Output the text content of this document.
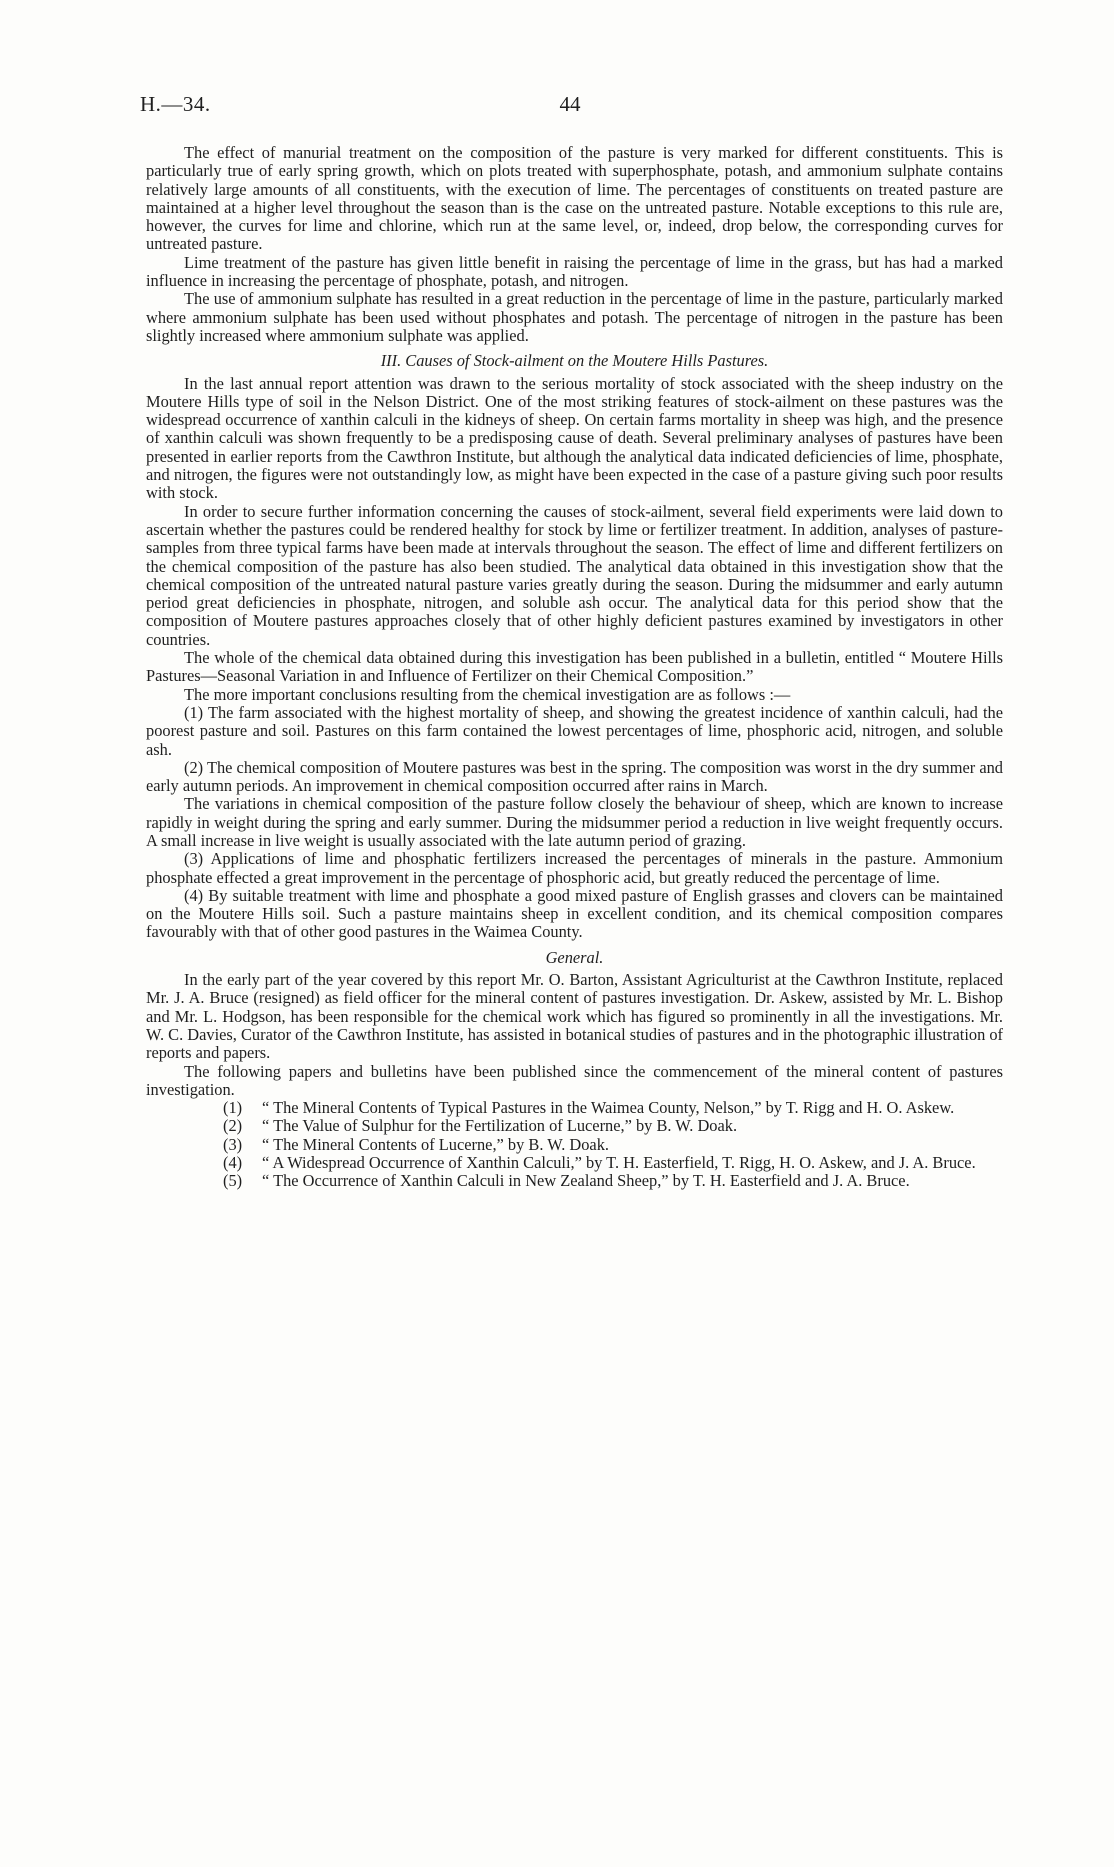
H.—34.	44

The effect of manurial treatment on the composition of the pasture is very marked for different constituents. This is particularly true of early spring growth, which on plots treated with superphosphate, potash, and ammonium sulphate contains relatively large amounts of all constituents, with the execution of lime. The percentages of constituents on treated pasture are maintained at a higher level throughout the season than is the case on the untreated pasture. Notable exceptions to this rule are, however, the curves for lime and chlorine, which run at the same level, or, indeed, drop below, the corresponding curves for untreated pasture.

Lime treatment of the pasture has given little benefit in raising the percentage of lime in the grass, but has had a marked influence in increasing the percentage of phosphate, potash, and nitrogen.

The use of ammonium sulphate has resulted in a great reduction in the percentage of lime in the pasture, particularly marked where ammonium sulphate has been used without phosphates and potash. The percentage of nitrogen in the pasture has been slightly increased where ammonium sulphate was applied.

III. Causes of Stock-ailment on the Moutere Hills Pastures.

In the last annual report attention was drawn to the serious mortality of stock associated with the sheep industry on the Moutere Hills type of soil in the Nelson District. One of the most striking features of stock-ailment on these pastures was the widespread occurrence of xanthin calculi in the kidneys of sheep. On certain farms mortality in sheep was high, and the presence of xanthin calculi was shown frequently to be a predisposing cause of death. Several preliminary analyses of pastures have been presented in earlier reports from the Cawthron Institute, but although the analytical data indicated deficiencies of lime, phosphate, and nitrogen, the figures were not outstandingly low, as might have been expected in the case of a pasture giving such poor results with stock.

In order to secure further information concerning the causes of stock-ailment, several field experiments were laid down to ascertain whether the pastures could be rendered healthy for stock by lime or fertilizer treatment. In addition, analyses of pasture-samples from three typical farms have been made at intervals throughout the season. The effect of lime and different fertilizers on the chemical composition of the pasture has also been studied. The analytical data obtained in this investigation show that the chemical composition of the untreated natural pasture varies greatly during the season. During the midsummer and early autumn period great deficiencies in phosphate, nitrogen, and soluble ash occur. The analytical data for this period show that the composition of Moutere pastures approaches closely that of other highly deficient pastures examined by investigators in other countries.

The whole of the chemical data obtained during this investigation has been published in a bulletin, entitled “ Moutere Hills Pastures—Seasonal Variation in and Influence of Fertilizer on their Chemical Composition.”

The more important conclusions resulting from the chemical investigation are as follows :—

(1) The farm associated with the highest mortality of sheep, and showing the greatest incidence of xanthin calculi, had the poorest pasture and soil. Pastures on this farm contained the lowest percentages of lime, phosphoric acid, nitrogen, and soluble ash.

(2) The chemical composition of Moutere pastures was best in the spring. The composition was worst in the dry summer and early autumn periods. An improvement in chemical composition occurred after rains in March.

The variations in chemical composition of the pasture follow closely the behaviour of sheep, which are known to increase rapidly in weight during the spring and early summer. During the midsummer period a reduction in live weight frequently occurs. A small increase in live weight is usually associated with the late autumn period of grazing.

(3) Applications of lime and phosphatic fertilizers increased the percentages of minerals in the pasture. Ammonium phosphate effected a great improvement in the percentage of phosphoric acid, but greatly reduced the percentage of lime.

(4) By suitable treatment with lime and phosphate a good mixed pasture of English grasses and clovers can be maintained on the Moutere Hills soil. Such a pasture maintains sheep in excellent condition, and its chemical composition compares favourably with that of other good pastures in the Waimea County.

General.

In the early part of the year covered by this report Mr. O. Barton, Assistant Agriculturist at the Cawthron Institute, replaced Mr. J. A. Bruce (resigned) as field officer for the mineral content of pastures investigation. Dr. Askew, assisted by Mr. L. Bishop and Mr. L. Hodgson, has been responsible for the chemical work which has figured so prominently in all the investigations. Mr. W. C. Davies, Curator of the Cawthron Institute, has assisted in botanical studies of pastures and in the photographic illustration of reports and papers.

The following papers and bulletins have been published since the commencement of the mineral content of pastures investigation.

(1) “ The Mineral Contents of Typical Pastures in the Waimea County, Nelson,” by T. Rigg and H. O. Askew.
(2) “ The Value of Sulphur for the Fertilization of Lucerne,” by B. W. Doak.
(3) “ The Mineral Contents of Lucerne,” by B. W. Doak.
(4) “ A Widespread Occurrence of Xanthin Calculi,” by T. H. Easterfield, T. Rigg, H. O. Askew, and J. A. Bruce.
(5) “ The Occurrence of Xanthin Calculi in New Zealand Sheep,” by T. H. Easterfield and J. A. Bruce.
